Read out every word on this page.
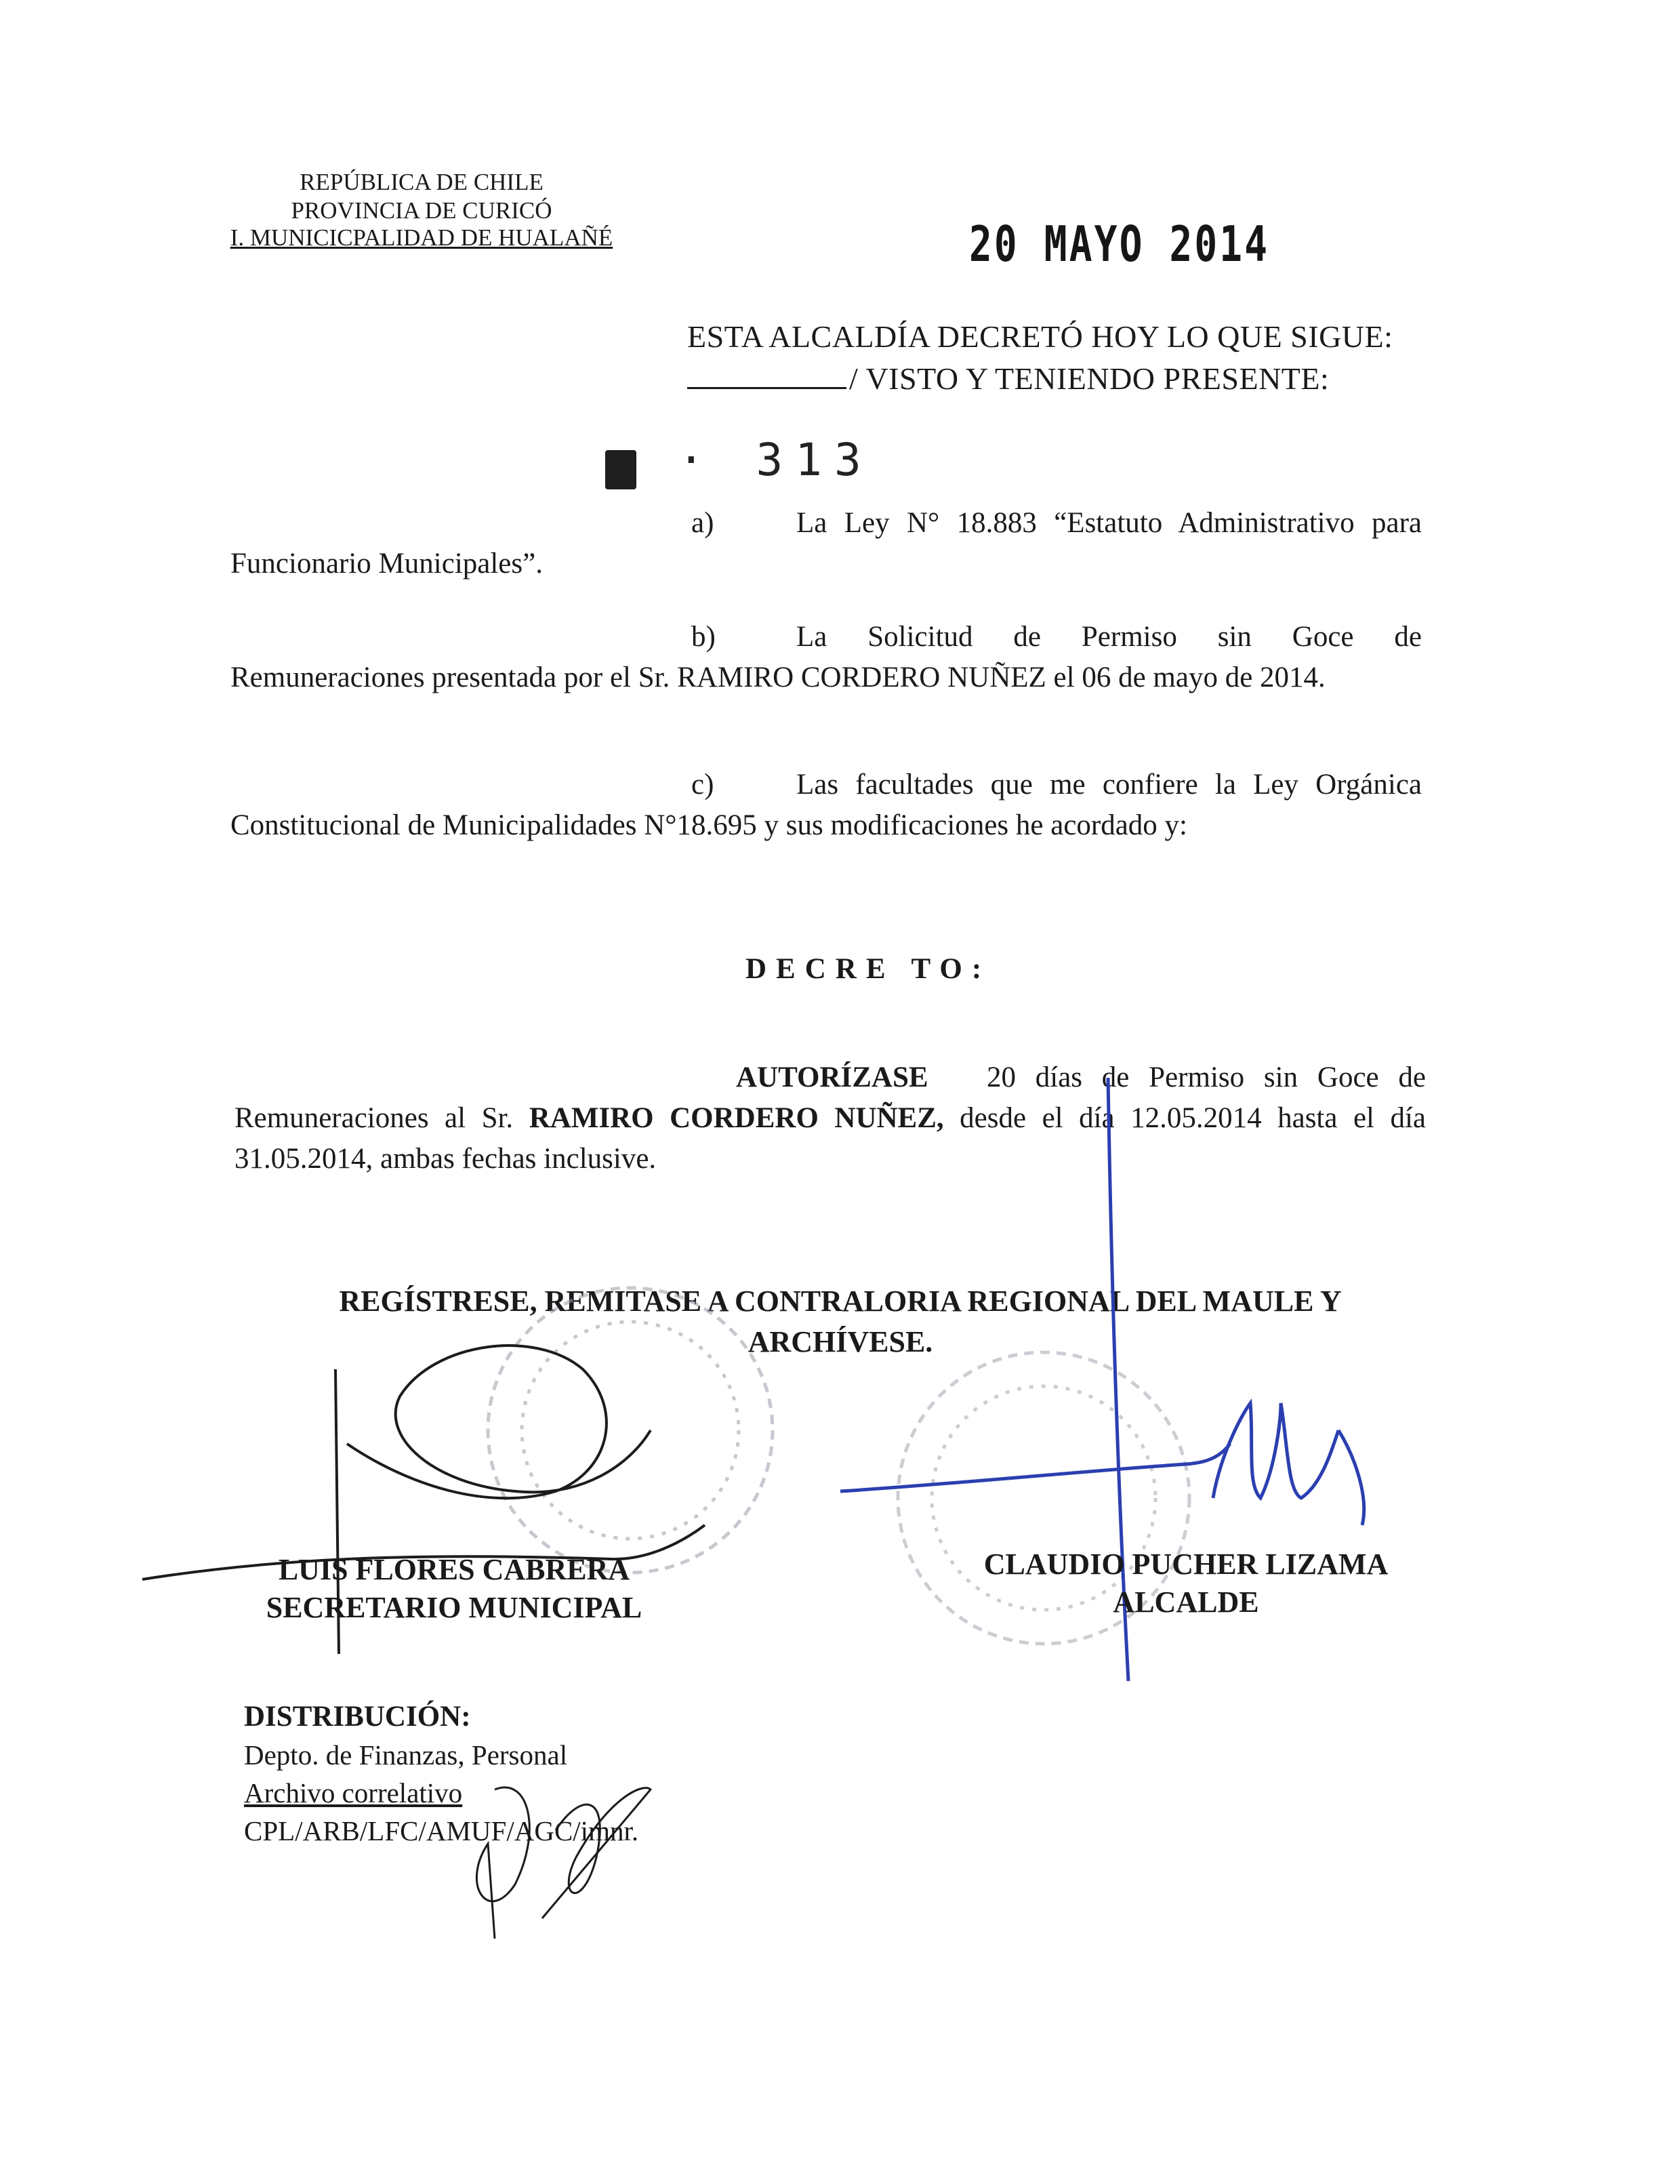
REPÚBLICA DE CHILE
PROVINCIA DE CURICÓ
I. MUNICICPALIDAD DE HUALAÑÉ	20 MAYO 2014
ESTA ALCALDÍA DECRETÓ HOY LO QUE SIGUE:
/ VISTO Y TENIENDO PRESENTE:
· 313
a)	La Ley N° 18.883 “Estatuto Administrativo para Funcionario Municipales”.
b)	La Solicitud de Permiso sin Goce de Remuneraciones presentada por el Sr. RAMIRO CORDERO NUÑEZ el 06 de mayo de 2014.
c)	Las facultades que me confiere la Ley Orgánica Constitucional de Municipalidades N°18.695 y sus modificaciones he acordado y:
DECRE TO:
AUTORÍZASE 20 días de Permiso sin Goce de Remuneraciones al Sr. RAMIRO CORDERO NUÑEZ, desde el día 12.05.2014 hasta el día 31.05.2014, ambas fechas inclusive.
REGÍSTRESE, REMITASE A CONTRALORIA REGIONAL DEL MAULE Y
ARCHÍVESE.
LUIS FLORES CABRERA
SECRETARIO MUNICIPAL
CLAUDIO PUCHER LIZAMA
ALCALDE
DISTRIBUCIÓN:
Depto. de Finanzas, Personal
Archivo correlativo
CPL/ARB/LFC/AMUF/AGC/imnr.
